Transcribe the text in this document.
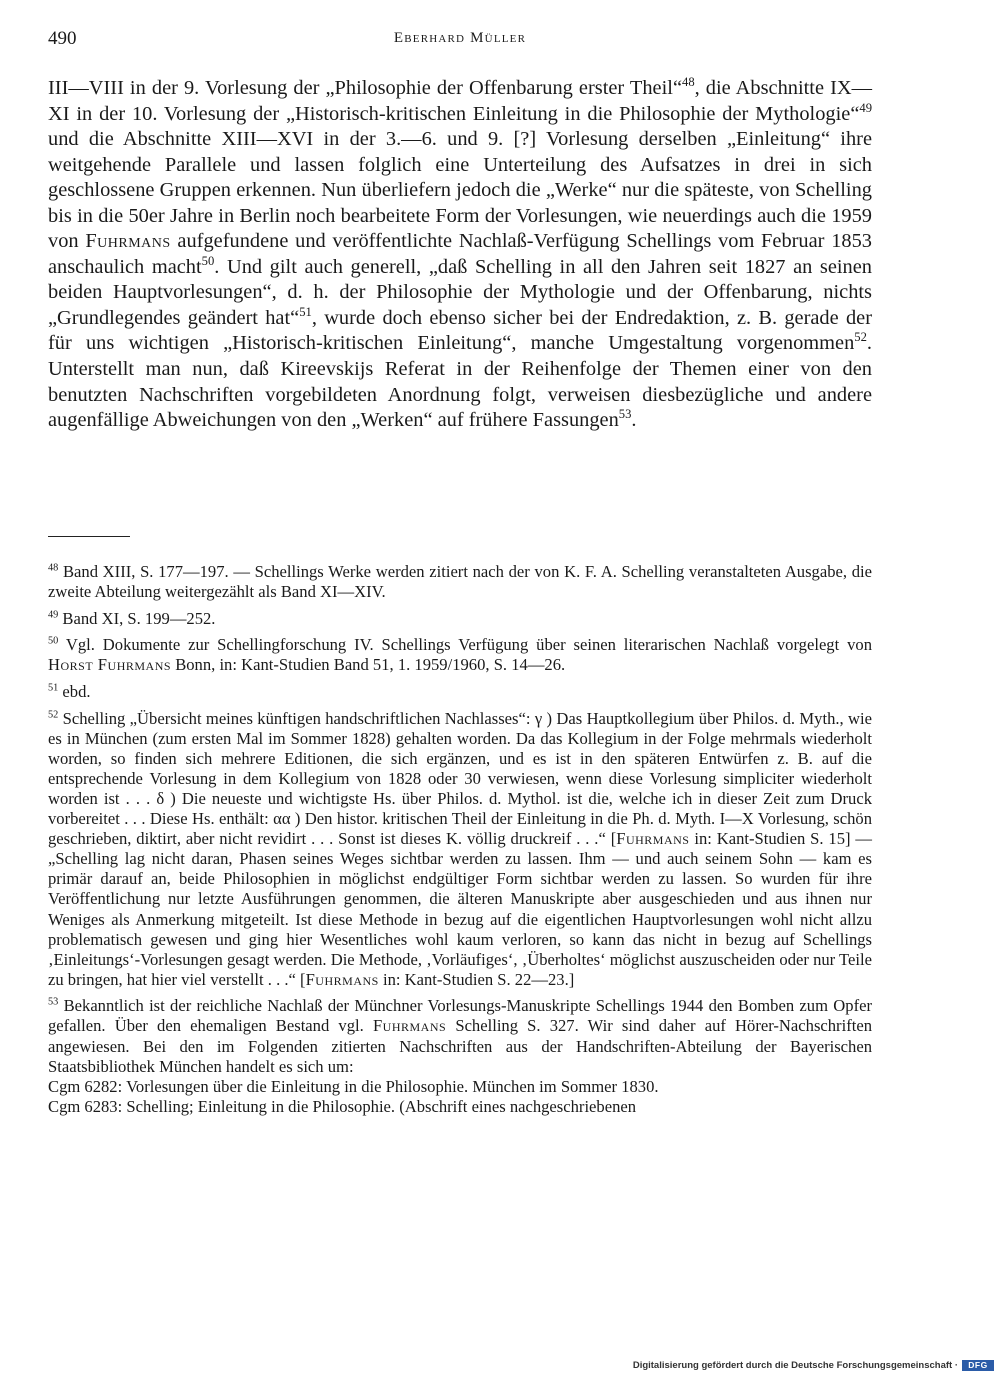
490	Eberhard Müller

III—VIII in der 9. Vorlesung der „Philosophie der Offenbarung erster Theil“$^{48}$, die Abschnitte IX—XI in der 10. Vorlesung der „Historisch-kritischen Einleitung in die Philosophie der Mythologie“$^{49}$ und die Abschnitte XIII—XVI in der 3.—6. und 9. [?] Vorlesung derselben „Einleitung“ ihre weitgehende Parallele und lassen folglich eine Unterteilung des Aufsatzes in drei in sich geschlossene Gruppen erkennen. Nun überliefern jedoch die „Werke“ nur die späteste, von Schelling bis in die 50er Jahre in Berlin noch bearbeitete Form der Vorlesungen, wie neuerdings auch die 1959 von Fuhrmans aufgefundene und veröffentlichte Nachlaß-Verfügung Schellings vom Februar 1853 anschaulich macht$^{50}$. Und gilt auch generell, „daß Schelling in all den Jahren seit 1827 an seinen beiden Hauptvorlesungen“, d. h. der Philosophie der Mythologie und der Offenbarung, nichts „Grundlegendes geändert hat“$^{51}$, wurde doch ebenso sicher bei der Endredaktion, z. B. gerade der für uns wichtigen „Historisch-kritischen Einleitung“, manche Umgestaltung vorgenommen$^{52}$. Unterstellt man nun, daß Kireevskijs Referat in der Reihenfolge der Themen einer von den benutzten Nachschriften vorgebildeten Anordnung folgt, verweisen diesbezügliche und andere augenfällige Abweichungen von den „Werken“ auf frühere Fassungen$^{53}$.

$^{48}$ Band XIII, S. 177—197. — Schellings Werke werden zitiert nach der von K. F. A. Schelling veranstalteten Ausgabe, die zweite Abteilung weitergezählt als Band XI—XIV.

$^{49}$ Band XI, S. 199—252.

$^{50}$ Vgl. Dokumente zur Schellingforschung IV. Schellings Verfügung über seinen literarischen Nachlaß vorgelegt von Horst Fuhrmans Bonn, in: Kant-Studien Band 51, 1. 1959/1960, S. 14—26.

$^{51}$ ebd.

$^{52}$ Schelling „Übersicht meines künftigen handschriftlichen Nachlasses“: γ ) Das Hauptkollegium über Philos. d. Myth., wie es in München (zum ersten Mal im Sommer 1828) gehalten worden. Da das Kollegium in der Folge mehrmals wiederholt worden, so finden sich mehrere Editionen, die sich ergänzen, und es ist in den späteren Entwürfen z. B. auf die entsprechende Vorlesung in dem Kollegium von 1828 oder 30 verwiesen, wenn diese Vorlesung simpliciter wiederholt worden ist . . . δ ) Die neueste und wichtigste Hs. über Philos. d. Mythol. ist die, welche ich in dieser Zeit zum Druck vorbereitet . . . Diese Hs. enthält: αα ) Den histor. kritischen Theil der Einleitung in die Ph. d. Myth. I—X Vorlesung, schön geschrieben, diktirt, aber nicht revidirt . . . Sonst ist dieses K. völlig druckreif . . .“ [Fuhrmans in: Kant-Studien S. 15] — „Schelling lag nicht daran, Phasen seines Weges sichtbar werden zu lassen. Ihm — und auch seinem Sohn — kam es primär darauf an, beide Philosophien in möglichst endgültiger Form sichtbar werden zu lassen. So wurden für ihre Veröffentlichung nur letzte Ausführungen genommen, die älteren Manuskripte aber ausgeschieden und aus ihnen nur Weniges als Anmerkung mitgeteilt. Ist diese Methode in bezug auf die eigentlichen Hauptvorlesungen wohl nicht allzu problematisch gewesen und ging hier Wesentliches wohl kaum verloren, so kann das nicht in bezug auf Schellings ‚Einleitungs‘-Vorlesungen gesagt werden. Die Methode, ‚Vorläufiges‘, ‚Überholtes‘ möglichst auszuscheiden oder nur Teile zu bringen, hat hier viel verstellt . . .“ [Fuhrmans in: Kant-Studien S. 22—23.]

$^{53}$ Bekanntlich ist der reichliche Nachlaß der Münchner Vorlesungs-Manuskripte Schellings 1944 den Bomben zum Opfer gefallen. Über den ehemaligen Bestand vgl. Fuhrmans Schelling S. 327. Wir sind daher auf Hörer-Nachschriften angewiesen. Bei den im Folgenden zitierten Nachschriften aus der Handschriften-Abteilung der Bayerischen Staatsbibliothek München handelt es sich um:

Cgm 6282: Vorlesungen über die Einleitung in die Philosophie. München im Sommer 1830.

Cgm 6283: Schelling; Einleitung in die Philosophie. (Abschrift eines nachgeschriebenen

Digitalisierung gefördert durch die Deutsche Forschungsgemeinschaft ·	DFG
